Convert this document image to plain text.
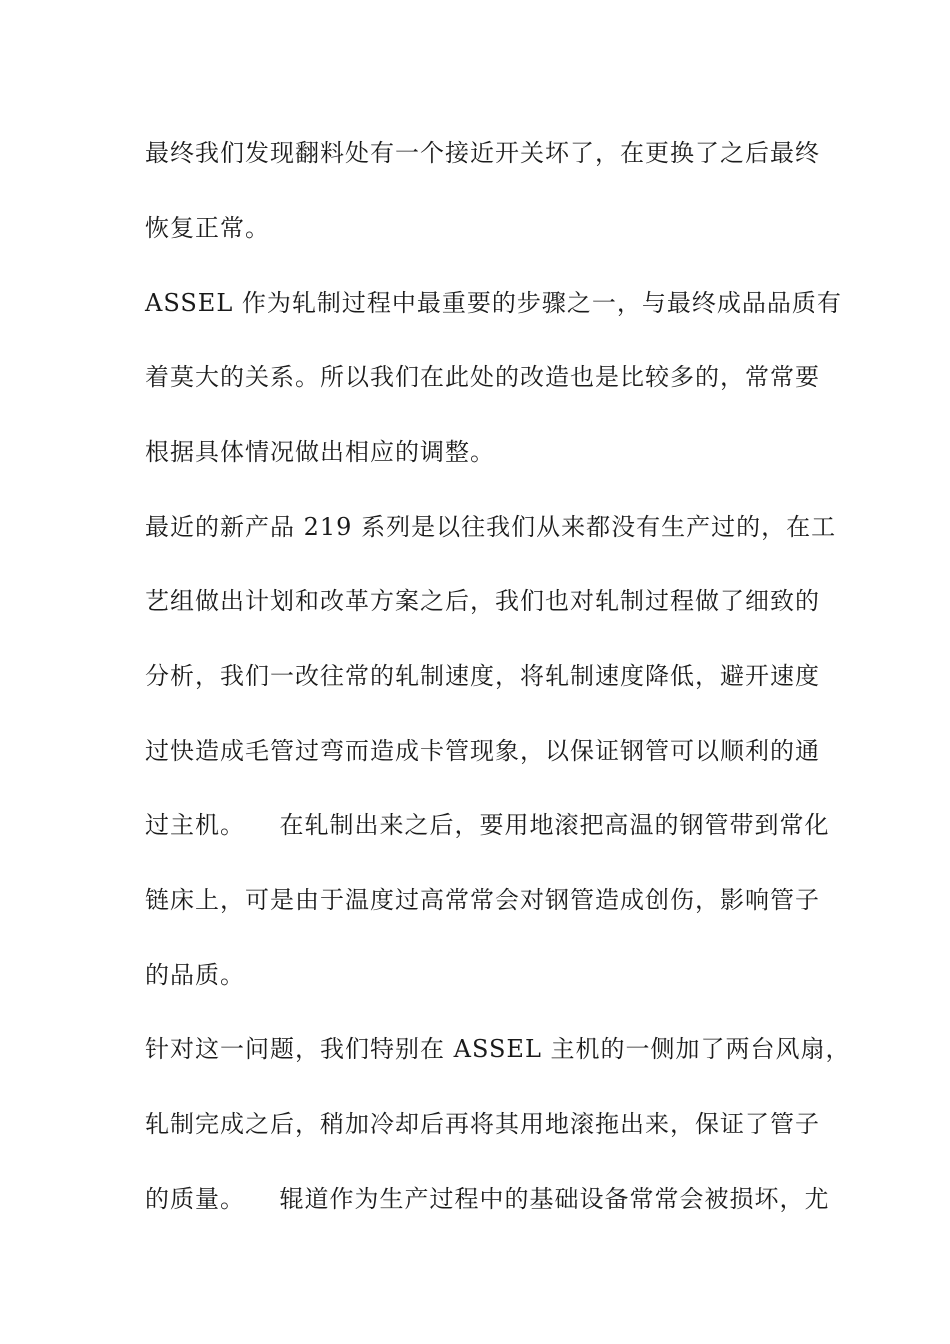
最终我们发现翻料处有一个接近开关坏了，在更换了之后最终

恢复正常。

ASSEL 作为轧制过程中最重要的步骤之一，与最终成品品质有

着莫大的关系。所以我们在此处的改造也是比较多的，常常要

根据具体情况做出相应的调整。

最近的新产品 219 系列是以往我们从来都没有生产过的，在工

艺组做出计划和改革方案之后，我们也对轧制过程做了细致的

分析，我们一改往常的轧制速度，将轧制速度降低，避开速度

过快造成毛管过弯而造成卡管现象，以保证钢管可以顺利的通

过主机。    在轧制出来之后，要用地滚把高温的钢管带到常化

链床上，可是由于温度过高常常会对钢管造成创伤，影响管子

的品质。

针对这一问题，我们特别在 ASSEL 主机的一侧加了两台风扇，

轧制完成之后，稍加冷却后再将其用地滚拖出来，保证了管子

的质量。    辊道作为生产过程中的基础设备常常会被损坏，尤
